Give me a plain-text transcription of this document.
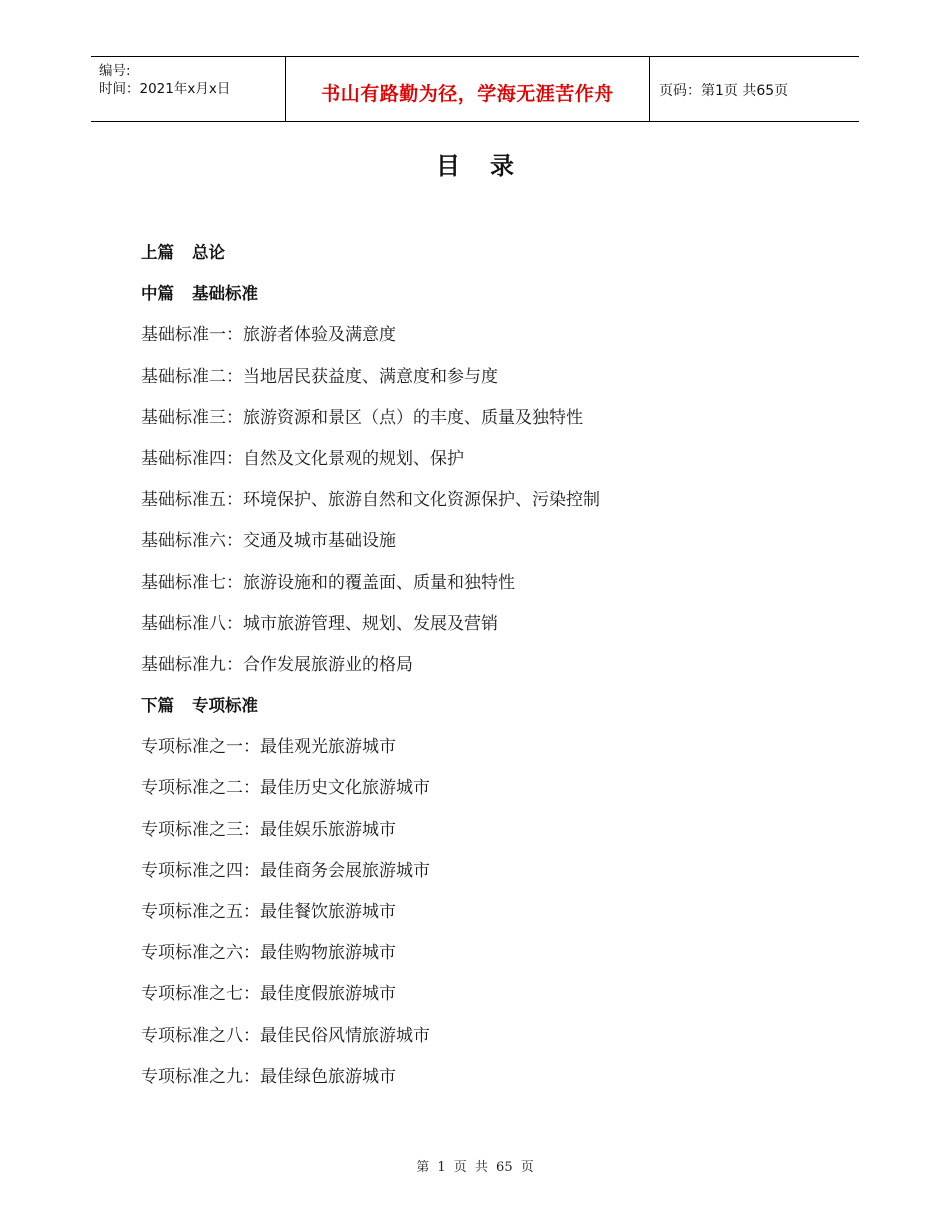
编号:
时间：2021年x月x日	书山有路勤为径，学海无涯苦作舟	页码：第1页 共65页
目录
上篇 总论
中篇 基础标准
基础标准一：旅游者体验及满意度
基础标准二：当地居民获益度、满意度和参与度
基础标准三：旅游资源和景区（点）的丰度、质量及独特性
基础标准四：自然及文化景观的规划、保护
基础标准五：环境保护、旅游自然和文化资源保护、污染控制
基础标准六：交通及城市基础设施
基础标准七：旅游设施和的覆盖面、质量和独特性
基础标准八：城市旅游管理、规划、发展及营销
基础标准九：合作发展旅游业的格局
下篇 专项标准
专项标准之一：最佳观光旅游城市
专项标准之二：最佳历史文化旅游城市
专项标准之三：最佳娱乐旅游城市
专项标准之四：最佳商务会展旅游城市
专项标准之五：最佳餐饮旅游城市
专项标准之六：最佳购物旅游城市
专项标准之七：最佳度假旅游城市
专项标准之八：最佳民俗风情旅游城市
专项标准之九：最佳绿色旅游城市
第 1 页 共 65 页
